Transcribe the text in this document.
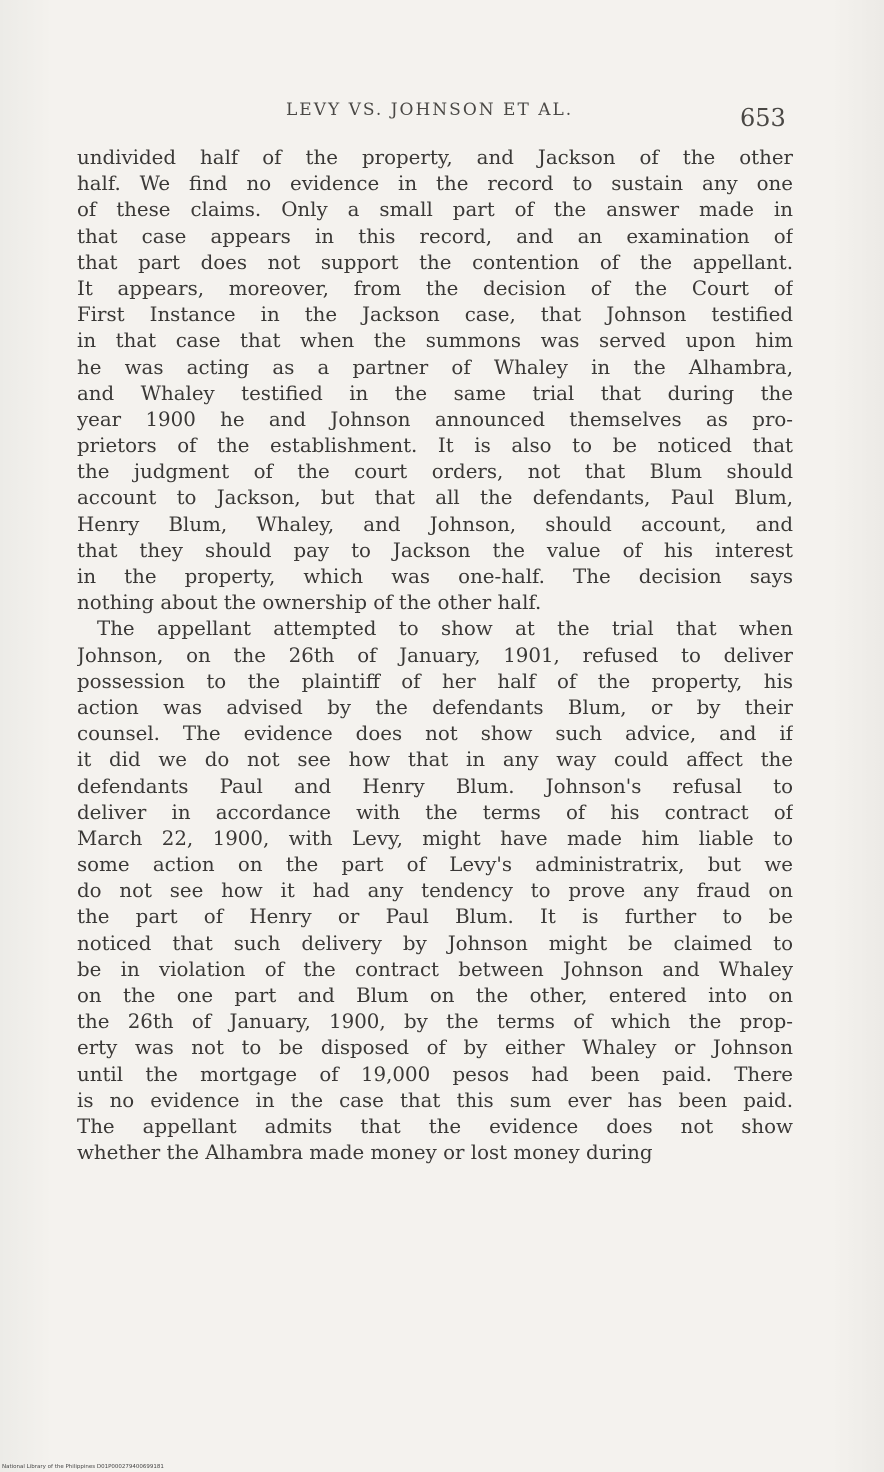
LEVY VS. JOHNSON ET AL.	653
undivided half of the property, and Jackson of the other
half. We find no evidence in the record to sustain any one
of these claims. Only a small part of the answer made in
that case appears in this record, and an examination of
that part does not support the contention of the appellant.
It appears, moreover, from the decision of the Court of
First Instance in the Jackson case, that Johnson testified
in that case that when the summons was served upon him
he was acting as a partner of Whaley in the Alhambra,
and Whaley testified in the same trial that during the
year 1900 he and Johnson announced themselves as pro-
prietors of the establishment. It is also to be noticed that
the judgment of the court orders, not that Blum should
account to Jackson, but that all the defendants, Paul Blum,
Henry Blum, Whaley, and Johnson, should account, and
that they should pay to Jackson the value of his interest
in the property, which was one-half. The decision says
nothing about the ownership of the other half.
The appellant attempted to show at the trial that when
Johnson, on the 26th of January, 1901, refused to deliver
possession to the plaintiff of her half of the property, his
action was advised by the defendants Blum, or by their
counsel. The evidence does not show such advice, and if
it did we do not see how that in any way could affect the
defendants Paul and Henry Blum. Johnson's refusal to
deliver in accordance with the terms of his contract of
March 22, 1900, with Levy, might have made him liable to
some action on the part of Levy's administratrix, but we
do not see how it had any tendency to prove any fraud on
the part of Henry or Paul Blum. It is further to be
noticed that such delivery by Johnson might be claimed to
be in violation of the contract between Johnson and Whaley
on the one part and Blum on the other, entered into on
the 26th of January, 1900, by the terms of which the prop-
erty was not to be disposed of by either Whaley or Johnson
until the mortgage of 19,000 pesos had been paid. There
is no evidence in the case that this sum ever has been paid.
The appellant admits that the evidence does not show
whether the Alhambra made money or lost money during
National Library of the Philippines D01P000279400699181
